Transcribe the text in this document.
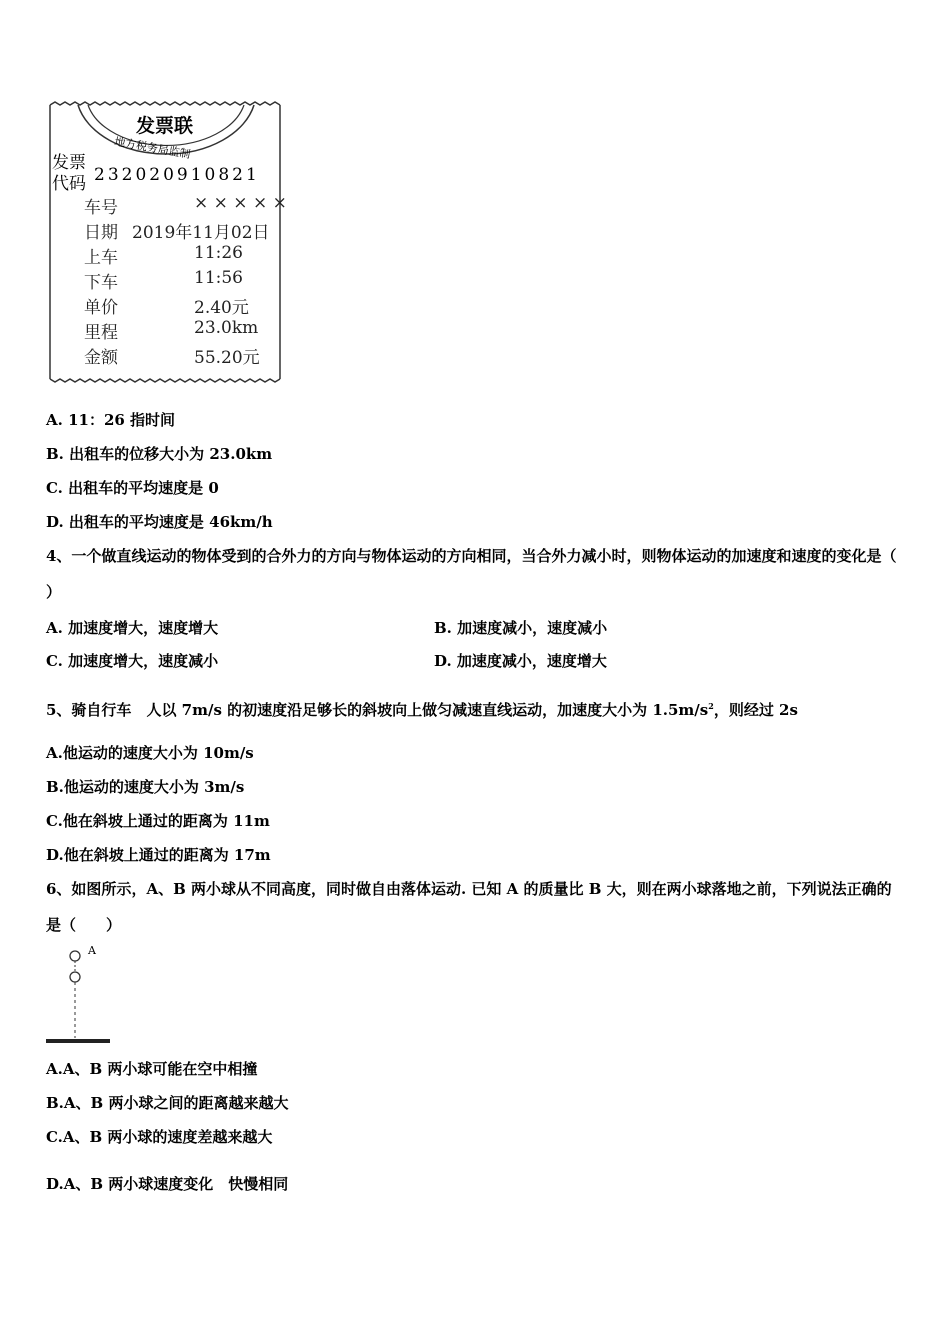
发票联
地方税务局监制
发票代码 232020910821
车号	× × × × ×
日期 2019年11月02日
上车	11:26
下车	11:56
单价	2.40元
里程	23.0km
金额	55.20元
A. 11：26 指时间
B. 出租车的位移大小为 23.0km
C. 出租车的平均速度是 0
D. 出租车的平均速度是 46km/h
4、一个做直线运动的物体受到的合外力的方向与物体运动的方向相同，当合外力减小时，则物体运动的加速度和速度的变化是（ ）
A. 加速度增大，速度增大	B. 加速度减小，速度减小
C. 加速度增大，速度减小	D. 加速度减小，速度增大
5、骑自行车　人以 7m/s 的初速度沿足够长的斜坡向上做匀减速直线运动，加速度大小为 $1.5m/s^2$，则经过 2s
A.他运动的速度大小为 10m/s
B.他运动的速度大小为 3m/s
C.他在斜坡上通过的距离为 11m
D.他在斜坡上通过的距离为 17m
6、如图所示，A、B 两小球从不同高度，同时做自由落体运动. 已知 A 的质量比 B 大，则在两小球落地之前，下列说法正确的是（　　）
A
A.A、B 两小球可能在空中相撞
B.A、B 两小球之间的距离越来越大
C.A、B 两小球的速度差越来越大
D.A、B 两小球速度变化　快慢相同
